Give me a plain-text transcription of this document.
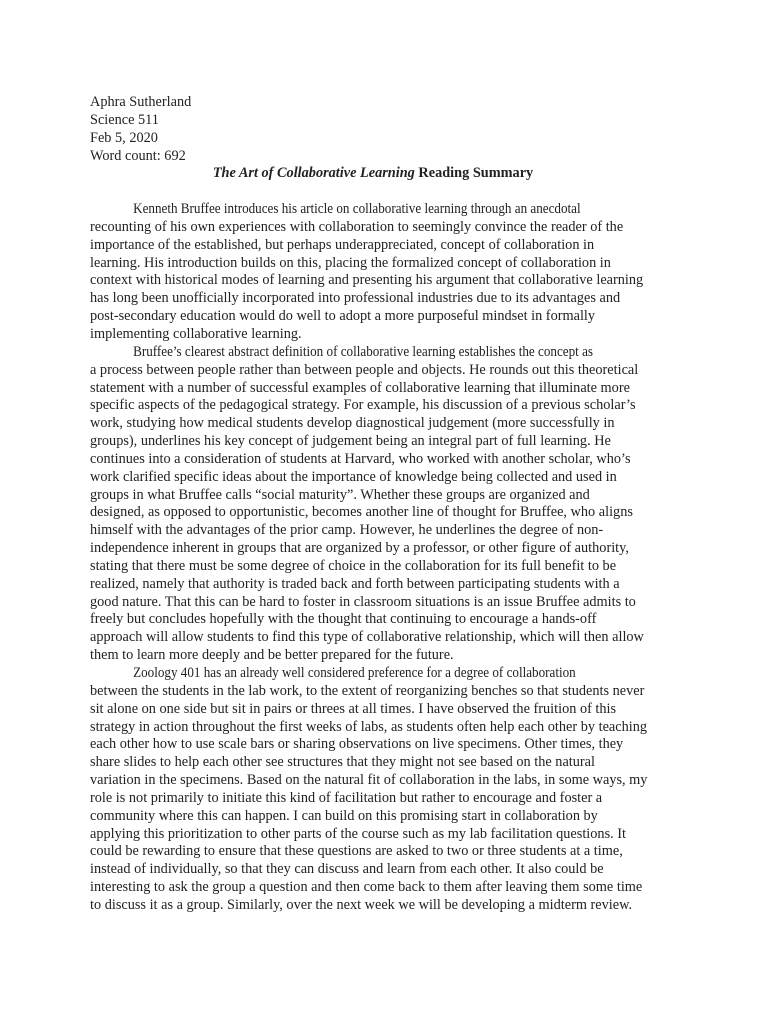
Aphra Sutherland

Science 511

Feb 5, 2020

Word count: 692

The Art of Collaborative Learning Reading Summary

Kenneth Bruffee introduces his article on collaborative learning through an anecdotal
recounting of his own experiences with collaboration to seemingly convince the reader of the
importance of the established, but perhaps underappreciated, concept of collaboration in
learning. His introduction builds on this, placing the formalized concept of collaboration in
context with historical modes of learning and presenting his argument that collaborative learning
has long been unofficially incorporated into professional industries due to its advantages and
post-secondary education would do well to adopt a more purposeful mindset in formally
implementing collaborative learning.

Bruffee’s clearest abstract definition of collaborative learning establishes the concept as
a process between people rather than between people and objects. He rounds out this theoretical
statement with a number of successful examples of collaborative learning that illuminate more
specific aspects of the pedagogical strategy. For example, his discussion of a previous scholar’s
work, studying how medical students develop diagnostical judgement (more successfully in
groups), underlines his key concept of judgement being an integral part of full learning. He
continues into a consideration of students at Harvard, who worked with another scholar, who’s
work clarified specific ideas about the importance of knowledge being collected and used in
groups in what Bruffee calls “social maturity”. Whether these groups are organized and
designed, as opposed to opportunistic, becomes another line of thought for Bruffee, who aligns
himself with the advantages of the prior camp. However, he underlines the degree of non-
independence inherent in groups that are organized by a professor, or other figure of authority,
stating that there must be some degree of choice in the collaboration for its full benefit to be
realized, namely that authority is traded back and forth between participating students with a
good nature. That this can be hard to foster in classroom situations is an issue Bruffee admits to
freely but concludes hopefully with the thought that continuing to encourage a hands-off
approach will allow students to find this type of collaborative relationship, which will then allow
them to learn more deeply and be better prepared for the future.

Zoology 401 has an already well considered preference for a degree of collaboration
between the students in the lab work, to the extent of reorganizing benches so that students never
sit alone on one side but sit in pairs or threes at all times. I have observed the fruition of this
strategy in action throughout the first weeks of labs, as students often help each other by teaching
each other how to use scale bars or sharing observations on live specimens. Other times, they
share slides to help each other see structures that they might not see based on the natural
variation in the specimens. Based on the natural fit of collaboration in the labs, in some ways, my
role is not primarily to initiate this kind of facilitation but rather to encourage and foster a
community where this can happen. I can build on this promising start in collaboration by
applying this prioritization to other parts of the course such as my lab facilitation questions. It
could be rewarding to ensure that these questions are asked to two or three students at a time,
instead of individually, so that they can discuss and learn from each other. It also could be
interesting to ask the group a question and then come back to them after leaving them some time
to discuss it as a group. Similarly, over the next week we will be developing a midterm review.
